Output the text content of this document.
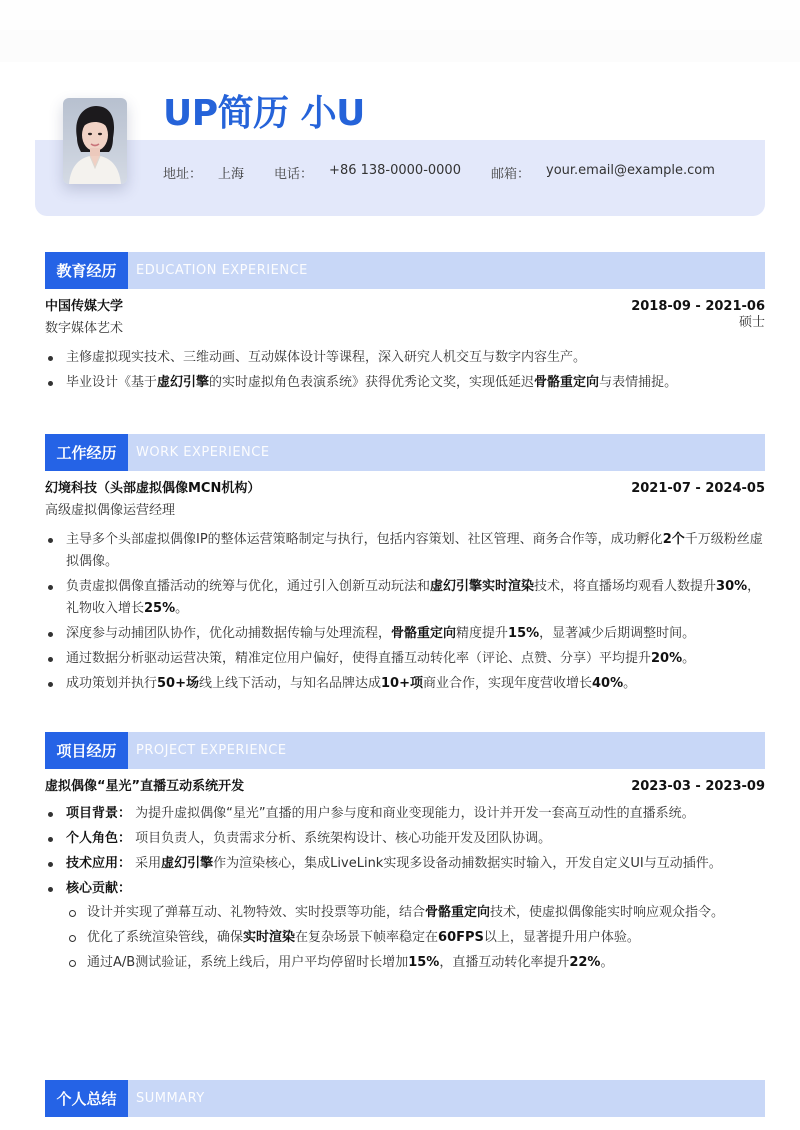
UP简历 小U
地址： 上海 电话： +86 138-0000-0000 邮箱： your.email@example.com
教育经历	EDUCATION EXPERIENCE
中国传媒大学	2018-09 - 2021-06
数字媒体艺术	硕士
主修虚拟现实技术、三维动画、互动媒体设计等课程，深入研究人机交互与数字内容生产。
毕业设计《基于虚幻引擎的实时虚拟角色表演系统》获得优秀论文奖，实现低延迟骨骼重定向与表情捕捉。
工作经历	WORK EXPERIENCE
幻境科技（头部虚拟偶像MCN机构）	2021-07 - 2024-05
高级虚拟偶像运营经理
主导多个头部虚拟偶像IP的整体运营策略制定与执行，包括内容策划、社区管理、商务合作等，成功孵化2个千万级粉丝虚拟偶像。
负责虚拟偶像直播活动的统筹与优化，通过引入创新互动玩法和虚幻引擎实时渲染技术，将直播场均观看人数提升30%，礼物收入增长25%。
深度参与动捕团队协作，优化动捕数据传输与处理流程，骨骼重定向精度提升15%，显著减少后期调整时间。
通过数据分析驱动运营决策，精准定位用户偏好，使得直播互动转化率（评论、点赞、分享）平均提升20%。
成功策划并执行50+场线上线下活动，与知名品牌达成10+项商业合作，实现年度营收增长40%。
项目经历	PROJECT EXPERIENCE
虚拟偶像“星光”直播互动系统开发	2023-03 - 2023-09
项目背景： 为提升虚拟偶像“星光”直播的用户参与度和商业变现能力，设计并开发一套高互动性的直播系统。
个人角色： 项目负责人，负责需求分析、系统架构设计、核心功能开发及团队协调。
技术应用： 采用虚幻引擎作为渲染核心，集成LiveLink实现多设备动捕数据实时输入，开发自定义UI与互动插件。
核心贡献：
设计并实现了弹幕互动、礼物特效、实时投票等功能，结合骨骼重定向技术，使虚拟偶像能实时响应观众指令。
优化了系统渲染管线，确保实时渲染在复杂场景下帧率稳定在60FPS以上，显著提升用户体验。
通过A/B测试验证，系统上线后，用户平均停留时长增加15%，直播互动转化率提升22%。
个人总结	SUMMARY
